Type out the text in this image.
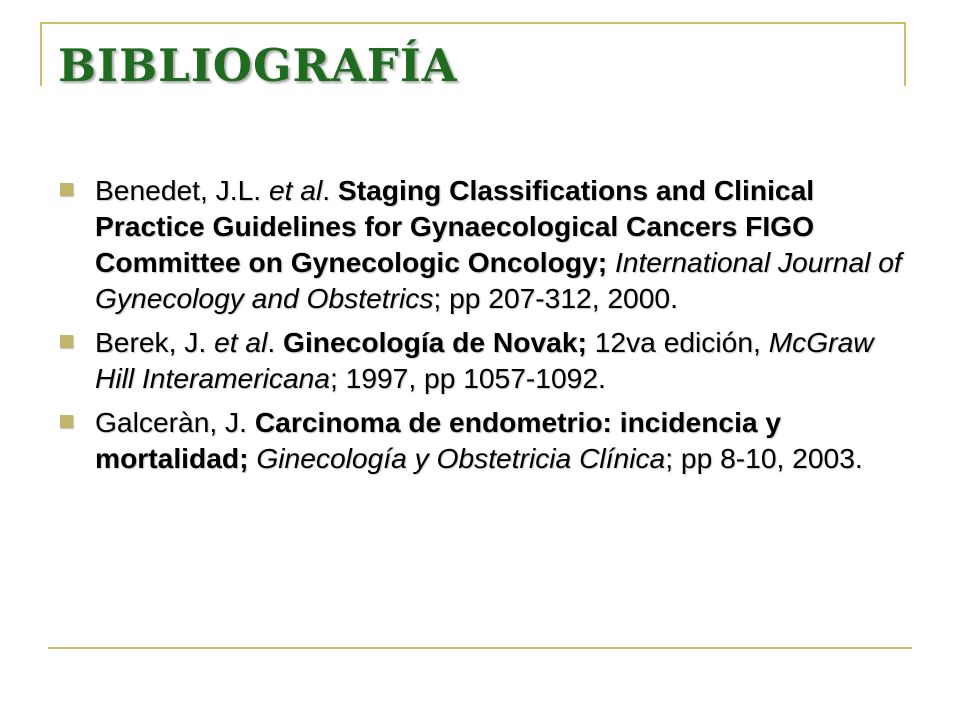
BIBLIOGRAFÍA
Benedet, J.L. et al. Staging Classifications and Clinical Practice Guidelines for Gynaecological Cancers FIGO Committee on Gynecologic Oncology; International Journal of Gynecology and Obstetrics; pp 207-312, 2000.
Berek, J. et al. Ginecología de Novak; 12va edición, McGraw Hill Interamericana; 1997, pp 1057-1092.
Galceràn, J. Carcinoma de endometrio: incidencia y mortalidad; Ginecología y Obstetricia Clínica; pp 8-10, 2003.
